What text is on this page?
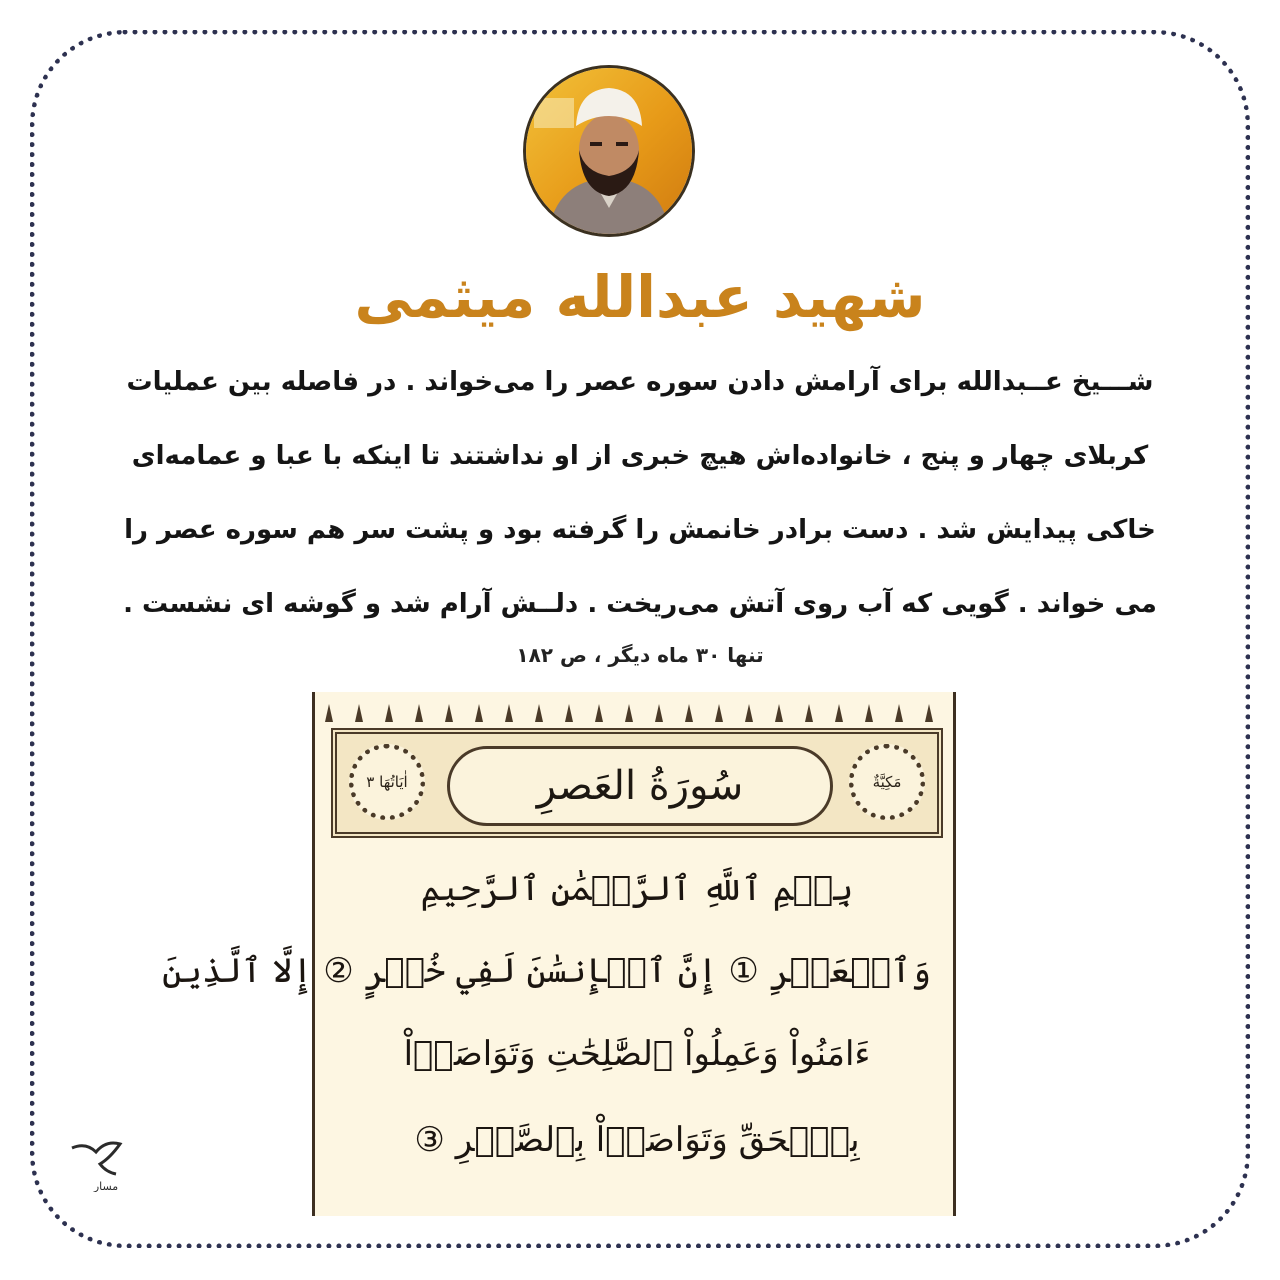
شهید عبدالله میثمی
شـــیخ عــبدالله برای آرامش دادن سوره عصر را می‌خواند . در فاصله بین عملیات
کربلای چهار و پنج ، خانواده‌اش هیچ خبری از او نداشتند تا اینکه با عبا و عمامه‌ای
خاکی پیدایش شد . دست برادر خانمش را گرفته بود و پشت سر هم سوره عصر را
می خواند . گویی که آب روی آتش می‌ریخت . دلــش آرام شد و گوشه ای نشست .
تنها ۳۰ ماه دیگر ، ص ۱۸۲
اٰيَاتُهَا ٣	سُورَةُ العَصرِ	مَكِيَّةٌ
بِسۡمِ ٱللَّهِ ٱلرَّحۡمَٰنِ ٱلرَّحِيمِ
وَٱلۡعَصۡرِ ① إِنَّ ٱلۡإِنسَٰنَ لَفِي خُسۡرٍ ② إِلَّا ٱلَّذِينَ
ءَامَنُواْ وَعَمِلُواْ ٱلصَّٰلِحَٰتِ وَتَوَاصَوۡاْ
بِٱلۡحَقِّ وَتَوَاصَوۡاْ بِٱلصَّبۡرِ ③
مسار
